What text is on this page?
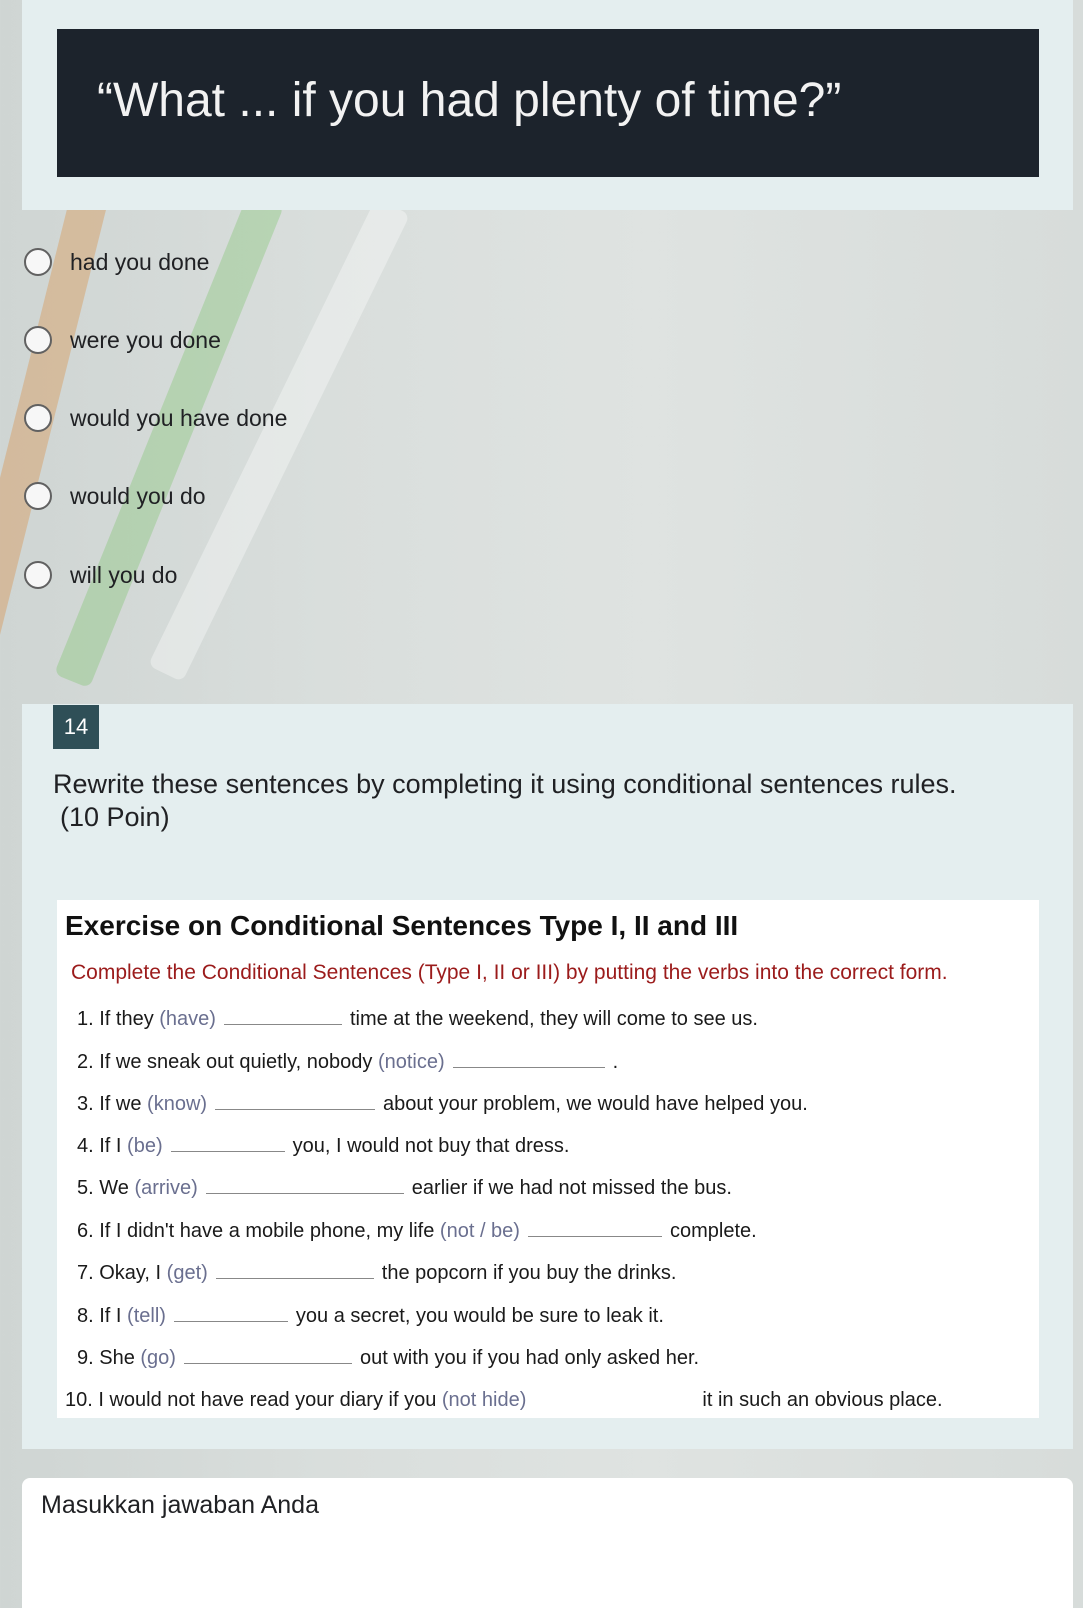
“What ... if you had plenty of time?”
had you done
were you done
would you have done
would you do
will you do
14
Rewrite these sentences by completing it using conditional sentences rules.
(10 Poin)
Exercise on Conditional Sentences Type I, II and III
Complete the Conditional Sentences (Type I, II or III) by putting the verbs into the correct form.
1. If they (have)	time at the weekend, they will come to see us.
2. If we sneak out quietly, nobody (notice)	.
3. If we (know)	about your problem, we would have helped you.
4. If I (be)	you, I would not buy that dress.
5. We (arrive)	earlier if we had not missed the bus.
6. If I didn't have a mobile phone, my life (not / be)	complete.
7. Okay, I (get)	the popcorn if you buy the drinks.
8. If I (tell)	you a secret, you would be sure to leak it.
9. She (go)	out with you if you had only asked her.
10. I would not have read your diary if you (not hide)	it in such an obvious place.
Masukkan jawaban Anda
